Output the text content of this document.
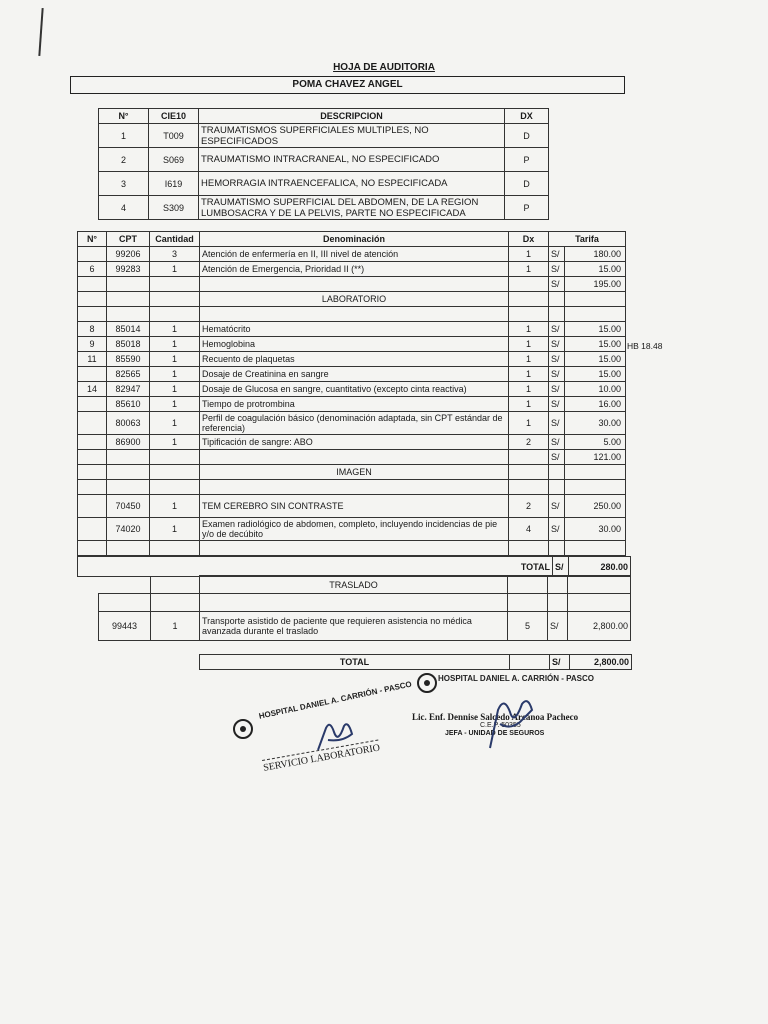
HOJA DE AUDITORIA
POMA CHAVEZ ANGEL
N°	CIE10	DESCRIPCION	DX
1	T009	TRAUMATISMOS SUPERFICIALES MULTIPLES, NO ESPECIFICADOS	D
2	S069	TRAUMATISMO INTRACRANEAL, NO ESPECIFICADO	P
3	I619	HEMORRAGIA INTRAENCEFALICA, NO ESPECIFICADA	D
4	S309	TRAUMATISMO SUPERFICIAL DEL ABDOMEN, DE LA REGION LUMBOSACRA Y DE LA PELVIS, PARTE NO ESPECIFICADA	P
N°	CPT	Cantidad	Denominación	Dx	Tarifa	
	99206	3	Atención de enfermería en II, III nivel de atención	1	S/	180.00
6	99283	1	Atención de Emergencia, Prioridad II (**)	1	S/	15.00
					S/	195.00
			LABORATORIO			

8	85014	1	Hematócrito	1	S/	15.00
9	85018	1	Hemoglobina	1	S/	15.00
11	85590	1	Recuento de plaquetas	1	S/	15.00
	82565	1	Dosaje de Creatinina en sangre	1	S/	15.00
14	82947	1	Dosaje de Glucosa en sangre, cuantitativo (excepto cinta reactiva)	1	S/	10.00
	85610	1	Tiempo de protrombina	1	S/	16.00
	80063	1	Perfil de coagulación básico (denominación adaptada, sin CPT estándar de referencia)	1	S/	30.00
	86900	1	Tipificación de sangre: ABO	2	S/	5.00
					S/	121.00
			IMAGEN			

	70450	1	TEM CEREBRO SIN CONTRASTE	2	S/	250.00
	74020	1	Examen radiológico de abdomen, completo, incluyendo incidencias de pie y/o de decúbito	4	S/	30.00

HB 18.48
	TOTAL	S/	280.00
		TRASLADO			

99443	1	Transporte asistido de paciente que requieren asistencia no médica avanzada durante el traslado	5	S/	2,800.00
TOTAL		S/	2,800.00
HOSPITAL DANIEL A. CARRIÓN - PASCO
Lic. Enf. Dennise Salcedo Arcanoa Pacheco
C.E.P. 50355
JEFA - UNIDAD DE SEGUROS
HOSPITAL DANIEL A. CARRIÓN - PASCO
SERVICIO LABORATORIO
